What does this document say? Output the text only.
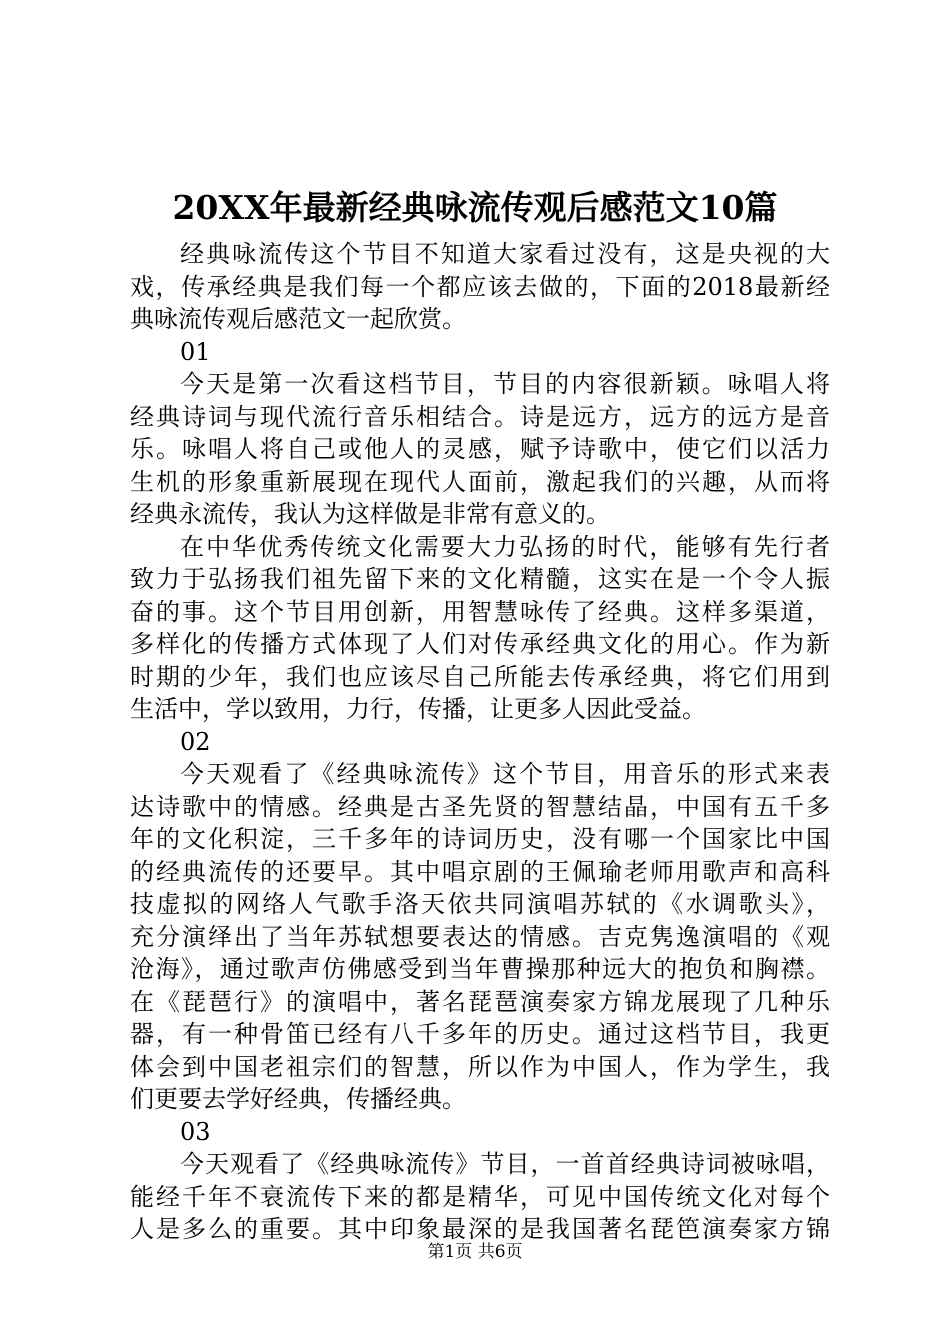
20XX年最新经典咏流传观后感范文10篇
经典咏流传这个节目不知道大家看过没有，这是央视的大
戏，传承经典是我们每一个都应该去做的，下面的2018最新经
典咏流传观后感范文一起欣赏。
01
今天是第一次看这档节目，节目的内容很新颖。咏唱人将
经典诗词与现代流行音乐相结合。诗是远方，远方的远方是音
乐。咏唱人将自己或他人的灵感，赋予诗歌中，使它们以活力
生机的形象重新展现在现代人面前，激起我们的兴趣，从而将
经典永流传，我认为这样做是非常有意义的。
在中华优秀传统文化需要大力弘扬的时代，能够有先行者
致力于弘扬我们祖先留下来的文化精髓，这实在是一个令人振
奋的事。这个节目用创新，用智慧咏传了经典。这样多渠道，
多样化的传播方式体现了人们对传承经典文化的用心。作为新
时期的少年，我们也应该尽自己所能去传承经典，将它们用到
生活中，学以致用，力行，传播，让更多人因此受益。
02
今天观看了《经典咏流传》这个节目，用音乐的形式来表
达诗歌中的情感。经典是古圣先贤的智慧结晶，中国有五千多
年的文化积淀，三千多年的诗词历史，没有哪一个国家比中国
的经典流传的还要早。其中唱京剧的王佩瑜老师用歌声和高科
技虚拟的网络人气歌手洛天依共同演唱苏轼的《水调歌头》，
充分演绎出了当年苏轼想要表达的情感。吉克隽逸演唱的《观
沧海》，通过歌声仿佛感受到当年曹操那种远大的抱负和胸襟。
在《琵琶行》的演唱中，著名琵琶演奏家方锦龙展现了几种乐
器，有一种骨笛已经有八千多年的历史。通过这档节目，我更
体会到中国老祖宗们的智慧，所以作为中国人，作为学生，我
们更要去学好经典，传播经典。
03
今天观看了《经典咏流传》节目，一首首经典诗词被咏唱，
能经千年不衰流传下来的都是精华，可见中国传统文化对每个
人是多么的重要。其中印象最深的是我国著名琵笆演奏家方锦
第1页 共6页
